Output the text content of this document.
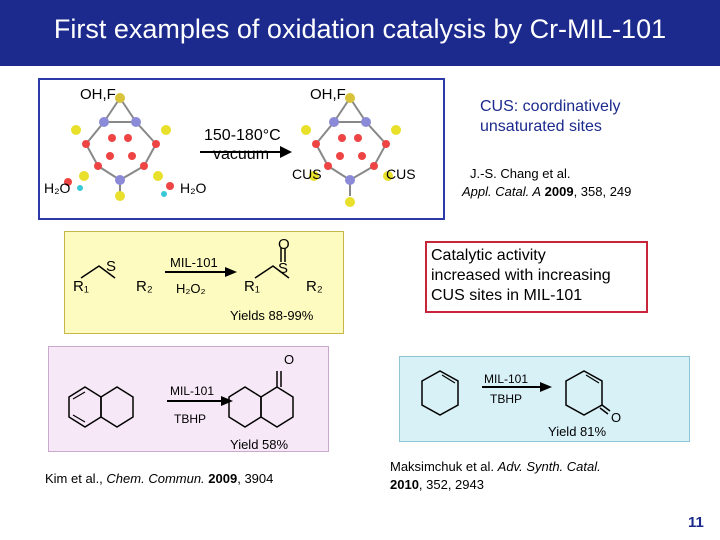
First examples of oxidation catalysis by Cr-MIL-101
OH,F	OH,F
150-180°C
vacuum
H₂O	H₂O
CUS	CUS
CUS: coordinatively
unsaturated sites
J.-S. Chang et al.
Appl. Catal. A 2009, 358, 249
S
R₁	R₂
MIL-101
H₂O₂
O
S
R₁	R₂
Yields 88-99%
Catalytic activity
increased with increasing
CUS sites in MIL-101
MIL-101
TBHP
O
Yield 58%
Kim et al., Chem. Commun. 2009, 3904
MIL-101
TBHP
O
Yield 81%
Maksimchuk et al. Adv. Synth. Catal.
2010, 352, 2943
11
